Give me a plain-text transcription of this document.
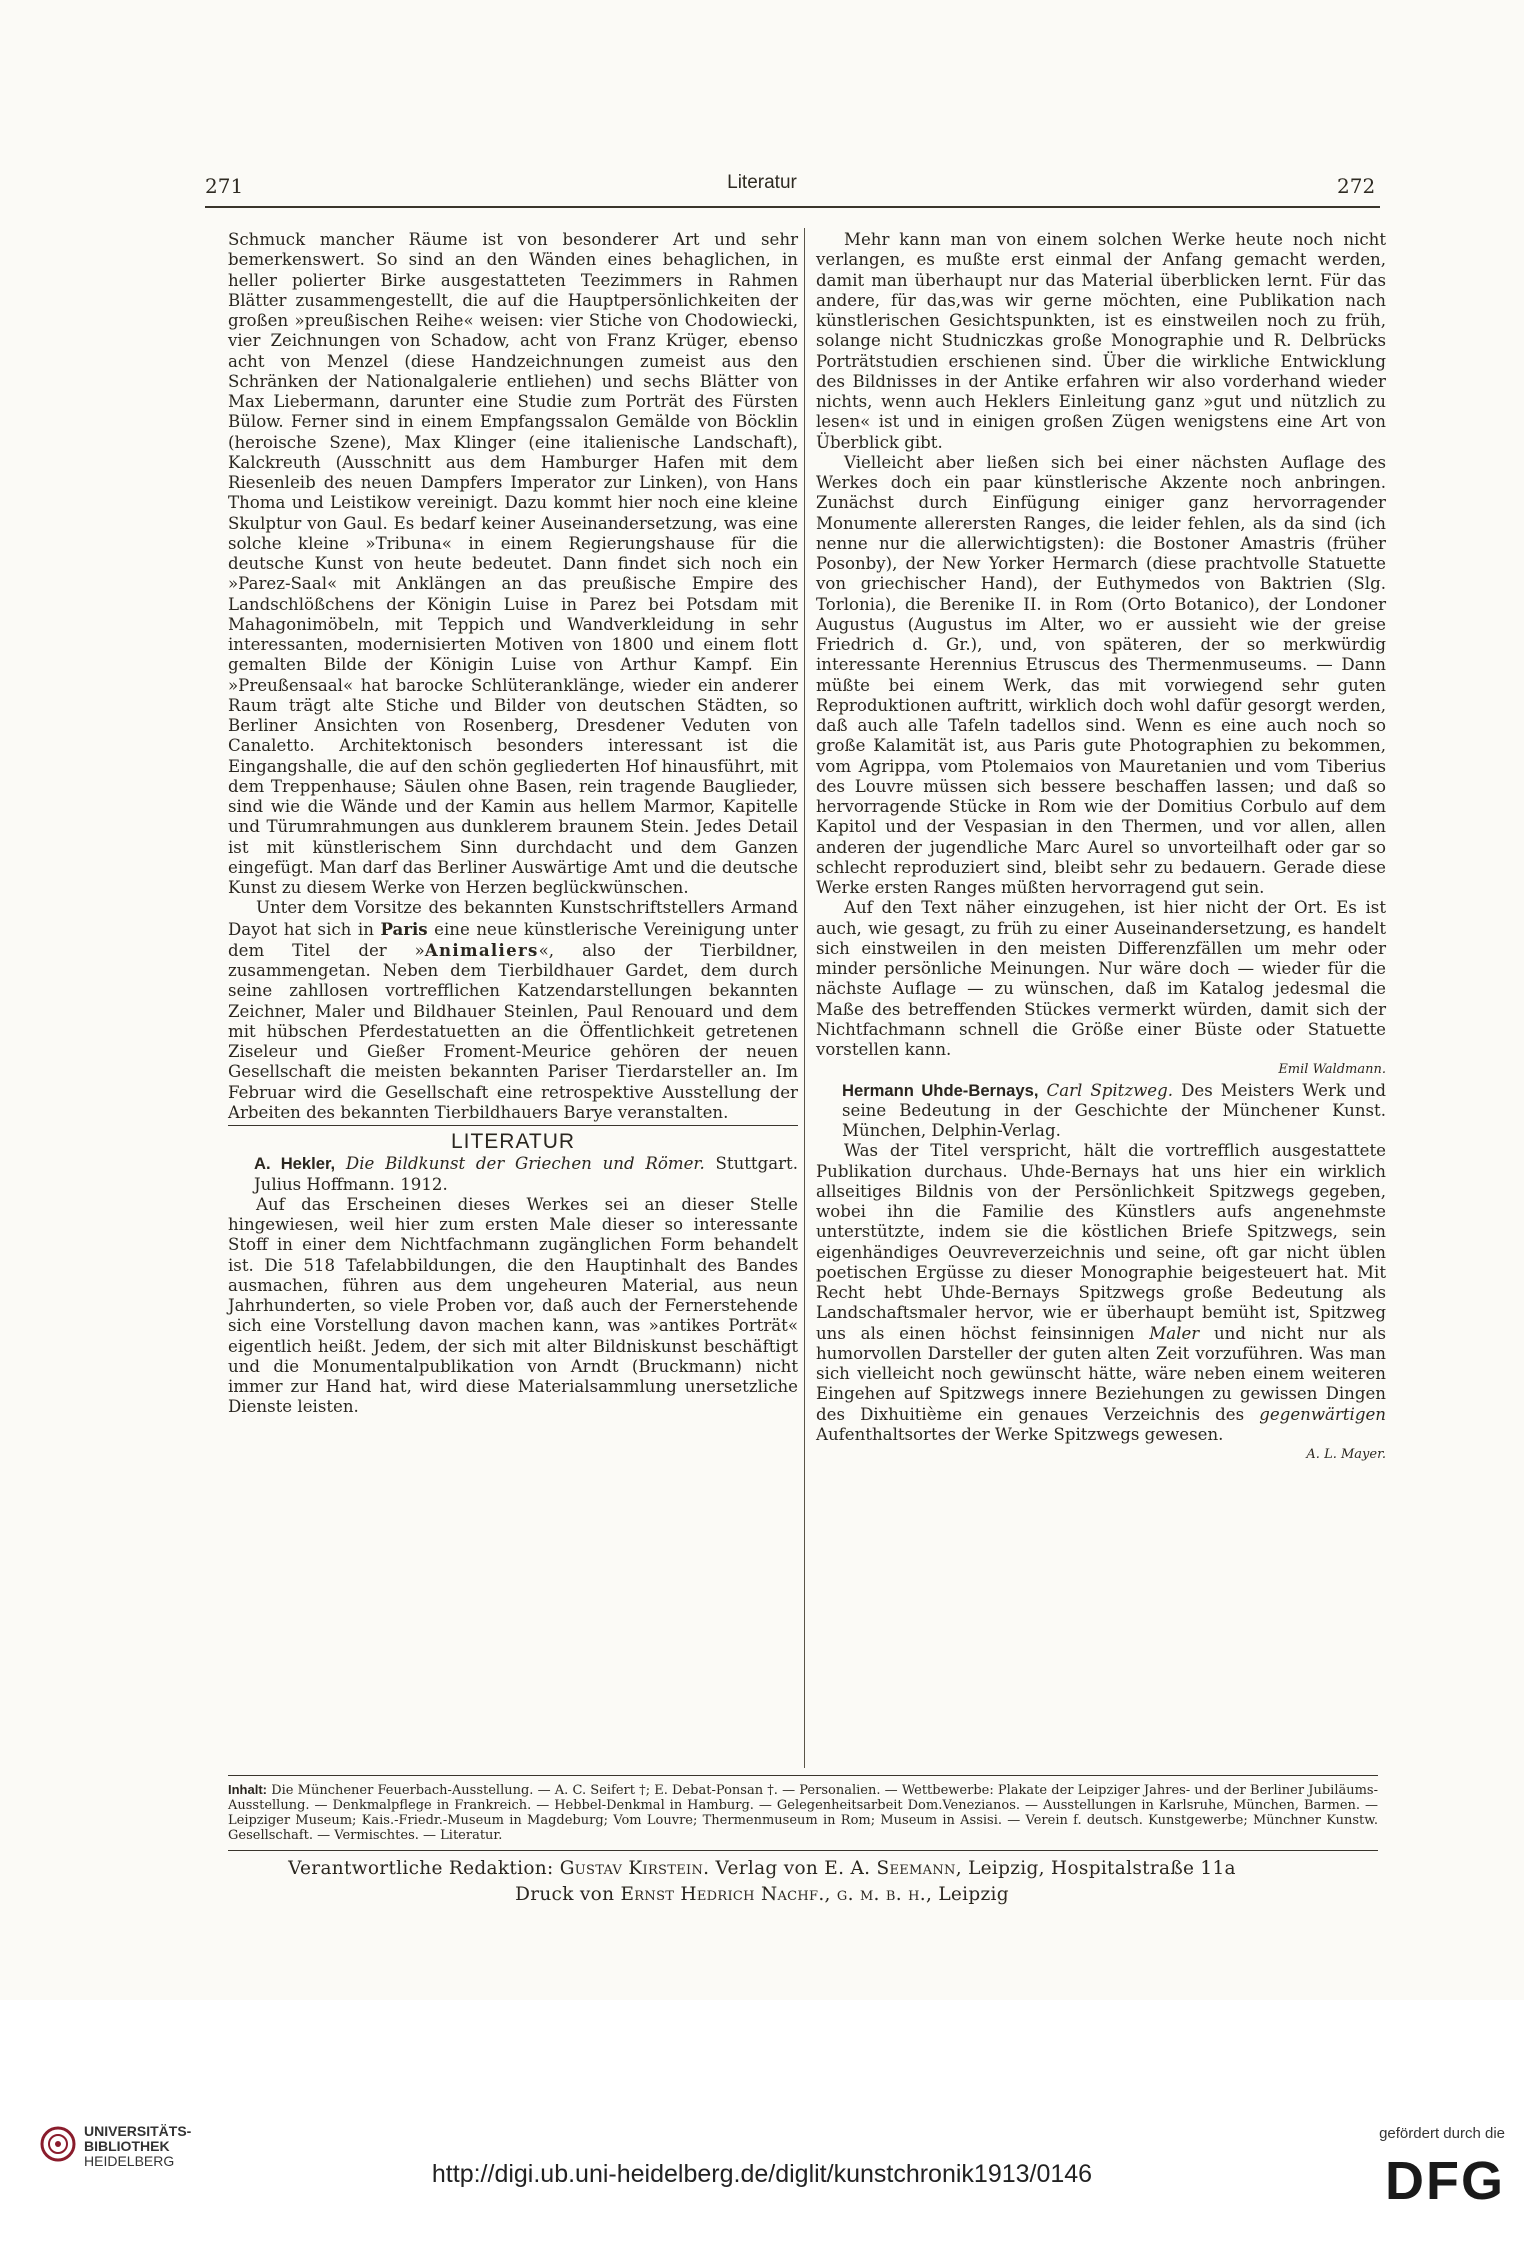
271	Literatur	272

Schmuck mancher Räume ist von besonderer Art und sehr bemerkenswert. So sind an den Wänden eines behaglichen, in heller polierter Birke ausgestatteten Teezimmers in Rahmen Blätter zusammengestellt, die auf die Hauptpersönlichkeiten der großen »preußischen Reihe« weisen: vier Stiche von Chodowiecki, vier Zeichnungen von Schadow, acht von Franz Krüger, ebenso acht von Menzel (diese Handzeichnungen zumeist aus den Schränken der Nationalgalerie entliehen) und sechs Blätter von Max Liebermann, darunter eine Studie zum Porträt des Fürsten Bülow. Ferner sind in einem Empfangssalon Gemälde von Böcklin (heroische Szene), Max Klinger (eine italienische Landschaft), Kalckreuth (Ausschnitt aus dem Hamburger Hafen mit dem Riesenleib des neuen Dampfers Imperator zur Linken), von Hans Thoma und Leistikow vereinigt. Dazu kommt hier noch eine kleine Skulptur von Gaul. Es bedarf keiner Auseinandersetzung, was eine solche kleine »Tribuna« in einem Regierungshause für die deutsche Kunst von heute bedeutet. Dann findet sich noch ein »Parez-Saal« mit Anklängen an das preußische Empire des Landschlößchens der Königin Luise in Parez bei Potsdam mit Mahagonimöbeln, mit Teppich und Wandverkleidung in sehr interessanten, modernisierten Motiven von 1800 und einem flott gemalten Bilde der Königin Luise von Arthur Kampf. Ein »Preußensaal« hat barocke Schlüteranklänge, wieder ein anderer Raum trägt alte Stiche und Bilder von deutschen Städten, so Berliner Ansichten von Rosenberg, Dresdener Veduten von Canaletto. Architektonisch besonders interessant ist die Eingangshalle, die auf den schön gegliederten Hof hinausführt, mit dem Treppenhause; Säulen ohne Basen, rein tragende Bauglieder, sind wie die Wände und der Kamin aus hellem Marmor, Kapitelle und Türumrahmungen aus dunklerem braunem Stein. Jedes Detail ist mit künstlerischem Sinn durchdacht und dem Ganzen eingefügt. Man darf das Berliner Auswärtige Amt und die deutsche Kunst zu diesem Werke von Herzen beglückwünschen.

Unter dem Vorsitze des bekannten Kunstschriftstellers Armand Dayot hat sich in Paris eine neue künstlerische Vereinigung unter dem Titel der »Animaliers«, also der Tierbildner, zusammengetan. Neben dem Tierbildhauer Gardet, dem durch seine zahllosen vortrefflichen Katzendarstellungen bekannten Zeichner, Maler und Bildhauer Steinlen, Paul Renouard und dem mit hübschen Pferdestatuetten an die Öffentlichkeit getretenen Ziseleur und Gießer Froment-Meurice gehören der neuen Gesellschaft die meisten bekannten Pariser Tierdarsteller an. Im Februar wird die Gesellschaft eine retrospektive Ausstellung der Arbeiten des bekannten Tierbildhauers Barye veranstalten.

LITERATUR

A. Hekler, Die Bildkunst der Griechen und Römer. Stuttgart. Julius Hoffmann. 1912.

Auf das Erscheinen dieses Werkes sei an dieser Stelle hingewiesen, weil hier zum ersten Male dieser so interessante Stoff in einer dem Nichtfachmann zugänglichen Form behandelt ist. Die 518 Tafelabbildungen, die den Hauptinhalt des Bandes ausmachen, führen aus dem ungeheuren Material, aus neun Jahrhunderten, so viele Proben vor, daß auch der Fernerstehende sich eine Vorstellung davon machen kann, was »antikes Porträt« eigentlich heißt. Jedem, der sich mit alter Bildniskunst beschäftigt und die Monumentalpublikation von Arndt (Bruckmann) nicht immer zur Hand hat, wird diese Materialsammlung unersetzliche Dienste leisten.

Mehr kann man von einem solchen Werke heute noch nicht verlangen, es mußte erst einmal der Anfang gemacht werden, damit man überhaupt nur das Material überblicken lernt. Für das andere, für das,was wir gerne möchten, eine Publikation nach künstlerischen Gesichtspunkten, ist es einstweilen noch zu früh, solange nicht Studniczkas große Monographie und R. Delbrücks Porträtstudien erschienen sind. Über die wirkliche Entwicklung des Bildnisses in der Antike erfahren wir also vorderhand wieder nichts, wenn auch Heklers Einleitung ganz »gut und nützlich zu lesen« ist und in einigen großen Zügen wenigstens eine Art von Überblick gibt.

Vielleicht aber ließen sich bei einer nächsten Auflage des Werkes doch ein paar künstlerische Akzente noch anbringen. Zunächst durch Einfügung einiger ganz hervorragender Monumente allerersten Ranges, die leider fehlen, als da sind (ich nenne nur die allerwichtigsten): die Bostoner Amastris (früher Posonby), der New Yorker Hermarch (diese prachtvolle Statuette von griechischer Hand), der Euthymedos von Baktrien (Slg. Torlonia), die Berenike II. in Rom (Orto Botanico), der Londoner Augustus (Augustus im Alter, wo er aussieht wie der greise Friedrich d. Gr.), und, von späteren, der so merkwürdig interessante Herennius Etruscus des Thermenmuseums. — Dann müßte bei einem Werk, das mit vorwiegend sehr guten Reproduktionen auftritt, wirklich doch wohl dafür gesorgt werden, daß auch alle Tafeln tadellos sind. Wenn es eine auch noch so große Kalamität ist, aus Paris gute Photographien zu bekommen, vom Agrippa, vom Ptolemaios von Mauretanien und vom Tiberius des Louvre müssen sich bessere beschaffen lassen; und daß so hervorragende Stücke in Rom wie der Domitius Corbulo auf dem Kapitol und der Vespasian in den Thermen, und vor allen, allen anderen der jugendliche Marc Aurel so unvorteilhaft oder gar so schlecht reproduziert sind, bleibt sehr zu bedauern. Gerade diese Werke ersten Ranges müßten hervorragend gut sein.

Auf den Text näher einzugehen, ist hier nicht der Ort. Es ist auch, wie gesagt, zu früh zu einer Auseinandersetzung, es handelt sich einstweilen in den meisten Differenzfällen um mehr oder minder persönliche Meinungen. Nur wäre doch — wieder für die nächste Auflage — zu wünschen, daß im Katalog jedesmal die Maße des betreffenden Stückes vermerkt würden, damit sich der Nichtfachmann schnell die Größe einer Büste oder Statuette vorstellen kann.

Emil Waldmann.

Hermann Uhde-Bernays, Carl Spitzweg. Des Meisters Werk und seine Bedeutung in der Geschichte der Münchener Kunst. München, Delphin-Verlag.

Was der Titel verspricht, hält die vortrefflich ausgestattete Publikation durchaus. Uhde-Bernays hat uns hier ein wirklich allseitiges Bildnis von der Persönlichkeit Spitzwegs gegeben, wobei ihn die Familie des Künstlers aufs angenehmste unterstützte, indem sie die köstlichen Briefe Spitzwegs, sein eigenhändiges Oeuvreverzeichnis und seine, oft gar nicht üblen poetischen Ergüsse zu dieser Monographie beigesteuert hat. Mit Recht hebt Uhde-Bernays Spitzwegs große Bedeutung als Landschaftsmaler hervor, wie er überhaupt bemüht ist, Spitzweg uns als einen höchst feinsinnigen Maler und nicht nur als humorvollen Darsteller der guten alten Zeit vorzuführen. Was man sich vielleicht noch gewünscht hätte, wäre neben einem weiteren Eingehen auf Spitzwegs innere Beziehungen zu gewissen Dingen des Dixhuitième ein genaues Verzeichnis des gegenwärtigen Aufenthaltsortes der Werke Spitzwegs gewesen.

A. L. Mayer.

Inhalt: Die Münchener Feuerbach-Ausstellung. — A. C. Seifert †; E. Debat-Ponsan †. — Personalien. — Wettbewerbe: Plakate der Leipziger Jahres- und der Berliner Jubiläums-Ausstellung. — Denkmalpflege in Frankreich. — Hebbel-Denkmal in Hamburg. — Gelegenheitsarbeit Dom.Venezianos. — Ausstellungen in Karlsruhe, München, Barmen. — Leipziger Museum; Kais.-Friedr.-Museum in Magdeburg; Vom Louvre; Thermenmuseum in Rom; Museum in Assisi. — Verein f. deutsch. Kunstgewerbe; Münchner Kunstw. Gesellschaft. — Vermischtes. — Literatur.
Verantwortliche Redaktion: Gustav Kirstein. Verlag von E. A. Seemann, Leipzig, Hospitalstraße 11a
Druck von Ernst Hedrich Nachf., g. m. b. h., Leipzig
UNIVERSITÄTS-
BIBLIOTHEK
HEIDELBERG	http://digi.ub.uni-heidelberg.de/diglit/kunstchronik1913/0146
gefördert durch die
DFG
